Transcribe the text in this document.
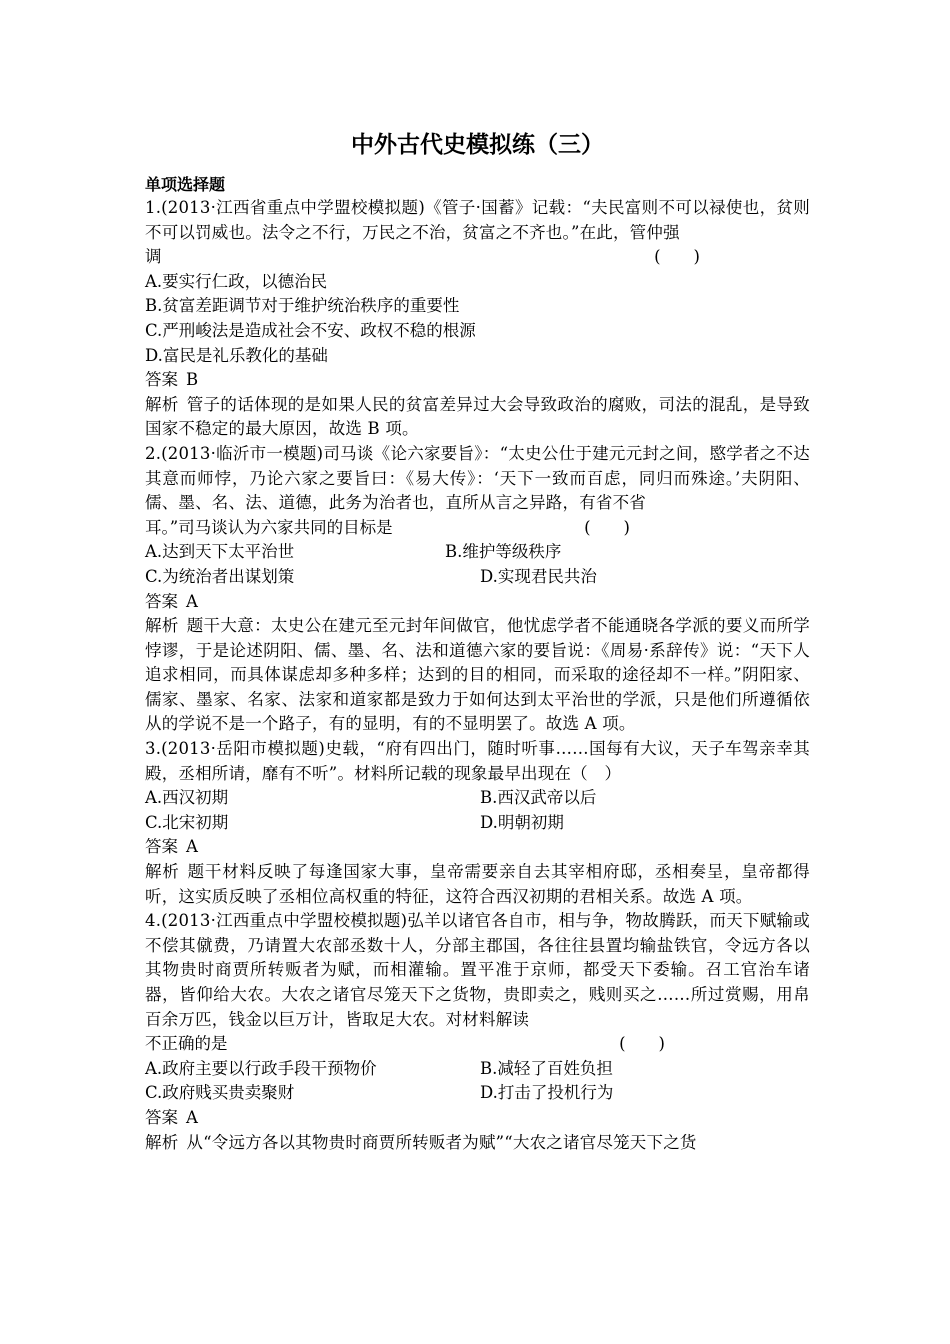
中外古代史模拟练（三）
单项选择题
1.(2013·江西省重点中学盟校模拟题)《管子·国蓄》记载：“夫民富则不可以禄使也，贫则不可以罚威也。法令之不行，万民之不治，贫富之不齐也。”在此，管仲强
调	(　　)
A.要实行仁政，以德治民
B.贫富差距调节对于维护统治秩序的重要性
C.严刑峻法是造成社会不安、政权不稳的根源
D.富民是礼乐教化的基础
答案 B
解析 管子的话体现的是如果人民的贫富差异过大会导致政治的腐败，司法的混乱，是导致国家不稳定的最大原因，故选 B 项。
2.(2013·临沂市一模题)司马谈《论六家要旨》：“太史公仕于建元元封之间，愍学者之不达其意而师悖，乃论六家之要旨曰：《易大传》：‘天下一致而百虑，同归而殊途。’夫阴阳、儒、墨、名、法、道德，此务为治者也，直所从言之异路，有省不省
耳。”司马谈认为六家共同的目标是	(　　)
A.达到天下太平治世	B.维护等级秩序
C.为统治者出谋划策	D.实现君民共治
答案 A
解析 题干大意：太史公在建元至元封年间做官，他忧虑学者不能通晓各学派的要义而所学悖谬，于是论述阴阳、儒、墨、名、法和道德六家的要旨说：《周易·系辞传》说：“天下人追求相同，而具体谋虑却多种多样；达到的目的相同，而采取的途径却不一样。”阴阳家、儒家、墨家、名家、法家和道家都是致力于如何达到太平治世的学派，只是他们所遵循依从的学说不是一个路子，有的显明，有的不显明罢了。故选 A 项。
3.(2013·岳阳市模拟题)史载，“府有四出门，随时听事……国每有大议，天子车驾亲幸其殿，丞相所请，靡有不听”。材料所记载的现象最早出现在（　）
A.西汉初期	B.西汉武帝以后
C.北宋初期	D.明朝初期
答案 A
解析 题干材料反映了每逢国家大事，皇帝需要亲自去其宰相府邸，丞相奏呈，皇帝都得听，这实质反映了丞相位高权重的特征，这符合西汉初期的君相关系。故选 A 项。
4.(2013·江西重点中学盟校模拟题)弘羊以诸官各自市，相与争，物故腾跃，而天下赋输或不偿其僦费，乃请置大农部丞数十人，分部主郡国，各往往县置均输盐铁官，令远方各以其物贵时商贾所转贩者为赋，而相灌输。置平准于京师，都受天下委输。召工官治车诸器，皆仰给大农。大农之诸官尽笼天下之货物，贵即卖之，贱则买之……所过赏赐，用帛百余万匹，钱金以巨万计，皆取足大农。对材料解读
不正确的是	(　　)
A.政府主要以行政手段干预物价	B.减轻了百姓负担
C.政府贱买贵卖聚财	D.打击了投机行为
答案 A
解析 从“令远方各以其物贵时商贾所转贩者为赋”“大农之诸官尽笼天下之货
